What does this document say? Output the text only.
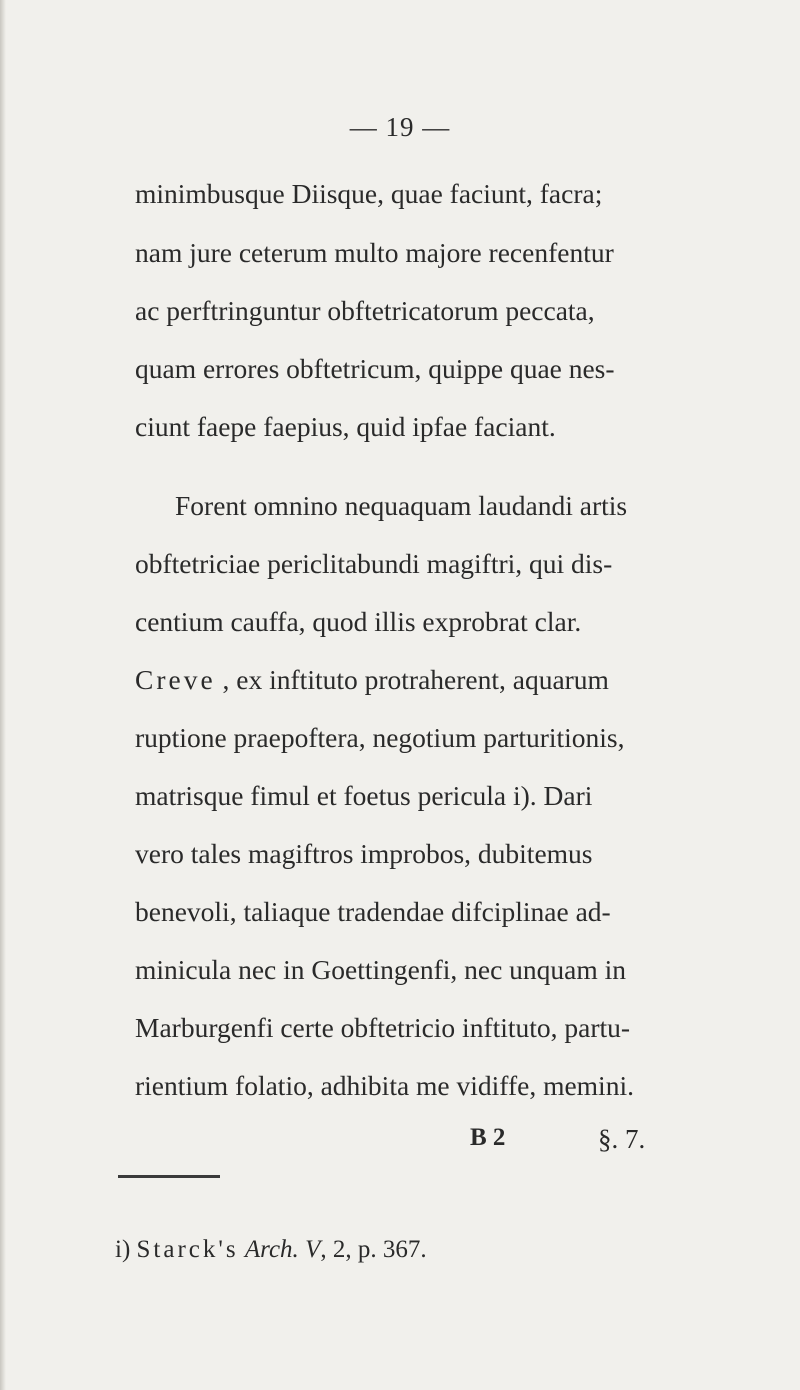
— 19 —
minimbusque Diisque, quae faciunt, facra;
nam jure ceterum multo majore recenfentur
ac perftringuntur obftetricatorum peccata,
quam errores obftetricum, quippe quae nes-
ciunt faepe faepius, quid ipfae faciant.
Forent omnino nequaquam laudandi artis
obftetriciae periclitabundi magiftri, qui dis-
centium cauffa, quod illis exprobrat clar.
Creve , ex inftituto protraherent, aquarum
ruptione praepoftera, negotium parturitionis,
matrisque fimul et foetus pericula i). Dari
vero tales magiftros improbos, dubitemus
benevoli, taliaque tradendae difciplinae ad-
minicula nec in Goettingenfi, nec unquam in
Marburgenfi certe obftetricio inftituto, partu-
rientium folatio, adhibita me vidiffe, memini.
B 2	§. 7.
i) Starck's Arch. V, 2, p. 367.
